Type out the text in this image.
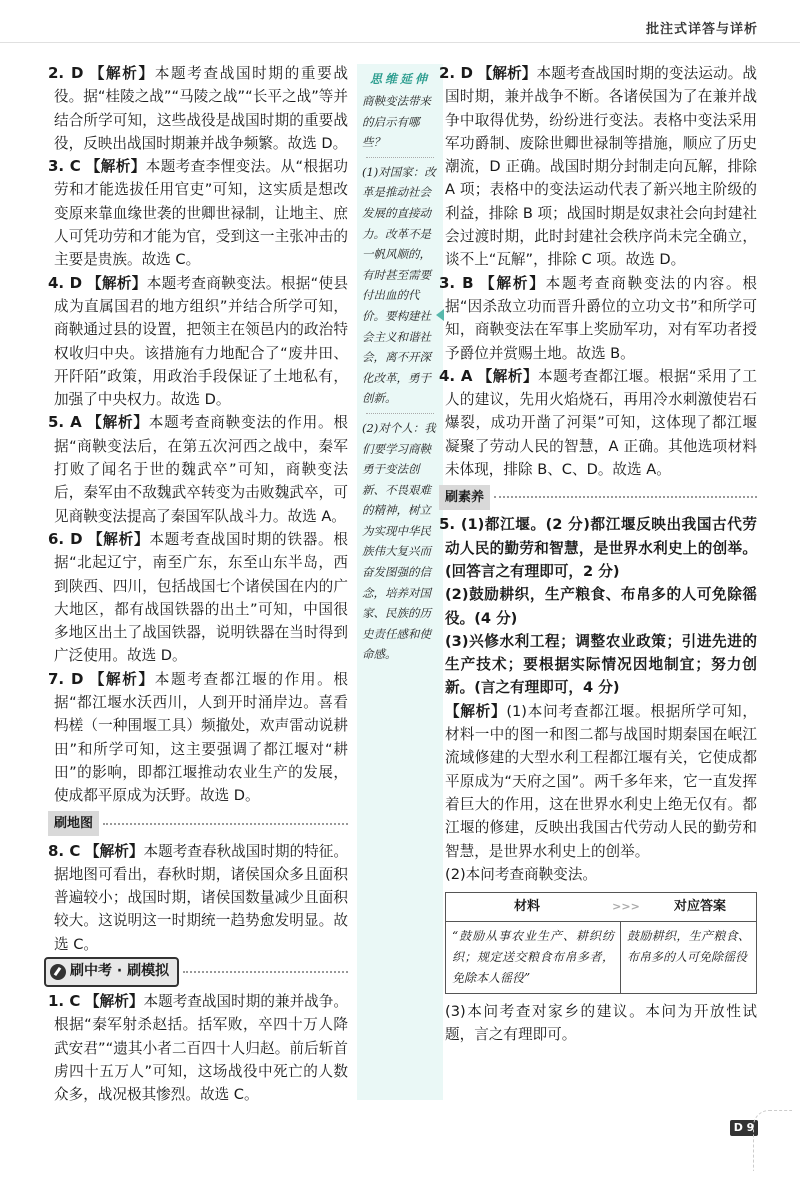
批注式详答与详析
2. D 【解析】本题考查战国时期的重要战役。据“桂陵之战”“马陵之战”“长平之战”等并结合所学可知，这些战役是战国时期的重要战役，反映出战国时期兼并战争频繁。故选 D。
3. C 【解析】本题考查李悝变法。从“根据功劳和才能选拔任用官吏”可知，这实质是想改变原来靠血缘世袭的世卿世禄制，让地主、庶人可凭功劳和才能为官，受到这一主张冲击的主要是贵族。故选 C。
4. D 【解析】本题考查商鞅变法。根据“使县成为直属国君的地方组织”并结合所学可知，商鞅通过县的设置，把领主在领邑内的政治特权收归中央。该措施有力地配合了“废井田、开阡陌”政策，用政治手段保证了土地私有，加强了中央权力。故选 D。
5. A 【解析】本题考查商鞅变法的作用。根据“商鞅变法后，在第五次河西之战中，秦军打败了闻名于世的魏武卒”可知，商鞅变法后，秦军由不敌魏武卒转变为击败魏武卒，可见商鞅变法提高了秦国军队战斗力。故选 A。
6. D 【解析】本题考查战国时期的铁器。根据“北起辽宁，南至广东，东至山东半岛，西到陕西、四川，包括战国七个诸侯国在内的广大地区，都有战国铁器的出土”可知，中国很多地区出土了战国铁器，说明铁器在当时得到广泛使用。故选 D。
7. D 【解析】本题考查都江堰的作用。根据“都江堰水沃西川，人到开时涌岸边。喜看杩槎（一种围堰工具）频撤处，欢声雷动说耕田”和所学可知，这主要强调了都江堰对“耕田”的影响，即都江堰推动农业生产的发展，使成都平原成为沃野。故选 D。
刷地图
8. C 【解析】本题考查春秋战国时期的特征。据地图可看出，春秋时期，诸侯国众多且面积普遍较小；战国时期，诸侯国数量减少且面积较大。这说明这一时期统一趋势愈发明显。故选 C。
刷中考 · 刷模拟
1. C 【解析】本题考查战国时期的兼并战争。根据“秦军射杀赵括。括军败，卒四十万人降武安君”“遗其小者二百四十人归赵。前后斩首虏四十五万人”可知，这场战役中死亡的人数众多，战况极其惨烈。故选 C。
思维延伸

商鞅变法带来的启示有哪些？

(1)对国家：改革是推动社会发展的直接动力。改革不是一帆风顺的，有时甚至需要付出血的代价。要构建社会主义和谐社会，离不开深化改革，勇于创新。

(2)对个人：我们要学习商鞅勇于变法创新、不畏艰难的精神，树立为实现中华民族伟大复兴而奋发图强的信念，培养对国家、民族的历史责任感和使命感。

2. D 【解析】本题考查战国时期的变法运动。战国时期，兼并战争不断。各诸侯国为了在兼并战争中取得优势，纷纷进行变法。表格中变法采用军功爵制、废除世卿世禄制等措施，顺应了历史潮流，D 正确。战国时期分封制走向瓦解，排除 A 项；表格中的变法运动代表了新兴地主阶级的利益，排除 B 项；战国时期是奴隶社会向封建社会过渡时期，此时封建社会秩序尚未完全确立，谈不上“瓦解”，排除 C 项。故选 D。
3. B 【解析】本题考查商鞅变法的内容。根据“因杀敌立功而晋升爵位的立功文书”和所学可知，商鞅变法在军事上奖励军功，对有军功者授予爵位并赏赐土地。故选 B。
4. A 【解析】本题考查都江堰。根据“采用了工人的建议，先用火焰烧石，再用冷水刺激使岩石爆裂，成功开凿了河渠”可知，这体现了都江堰凝聚了劳动人民的智慧，A 正确。其他选项材料未体现，排除 B、C、D。故选 A。
刷素养
5. (1)都江堰。(2 分)都江堰反映出我国古代劳动人民的勤劳和智慧，是世界水利史上的创举。(回答言之有理即可，2 分)
(2)鼓励耕织，生产粮食、布帛多的人可免除徭役。(4 分)
(3)兴修水利工程；调整农业政策；引进先进的生产技术；要根据实际情况因地制宜；努力创新。(言之有理即可，4 分)
【解析】(1)本问考查都江堰。根据所学可知，材料一中的图一和图二都与战国时期秦国在岷江流域修建的大型水利工程都江堰有关，它使成都平原成为“天府之国”。两千多年来，它一直发挥着巨大的作用，这在世界水利史上绝无仅有。都江堰的修建，反映出我国古代劳动人民的勤劳和智慧，是世界水利史上的创举。
(2)本问考查商鞅变法。
材料	>>>	对应答案
“鼓励从事农业生产、耕织纺织；规定送交粮食布帛多者，免除本人徭役”
鼓励耕织，生产粮食、布帛多的人可免除徭役
(3)本问考查对家乡的建议。本问为开放性试题，言之有理即可。
D 9
